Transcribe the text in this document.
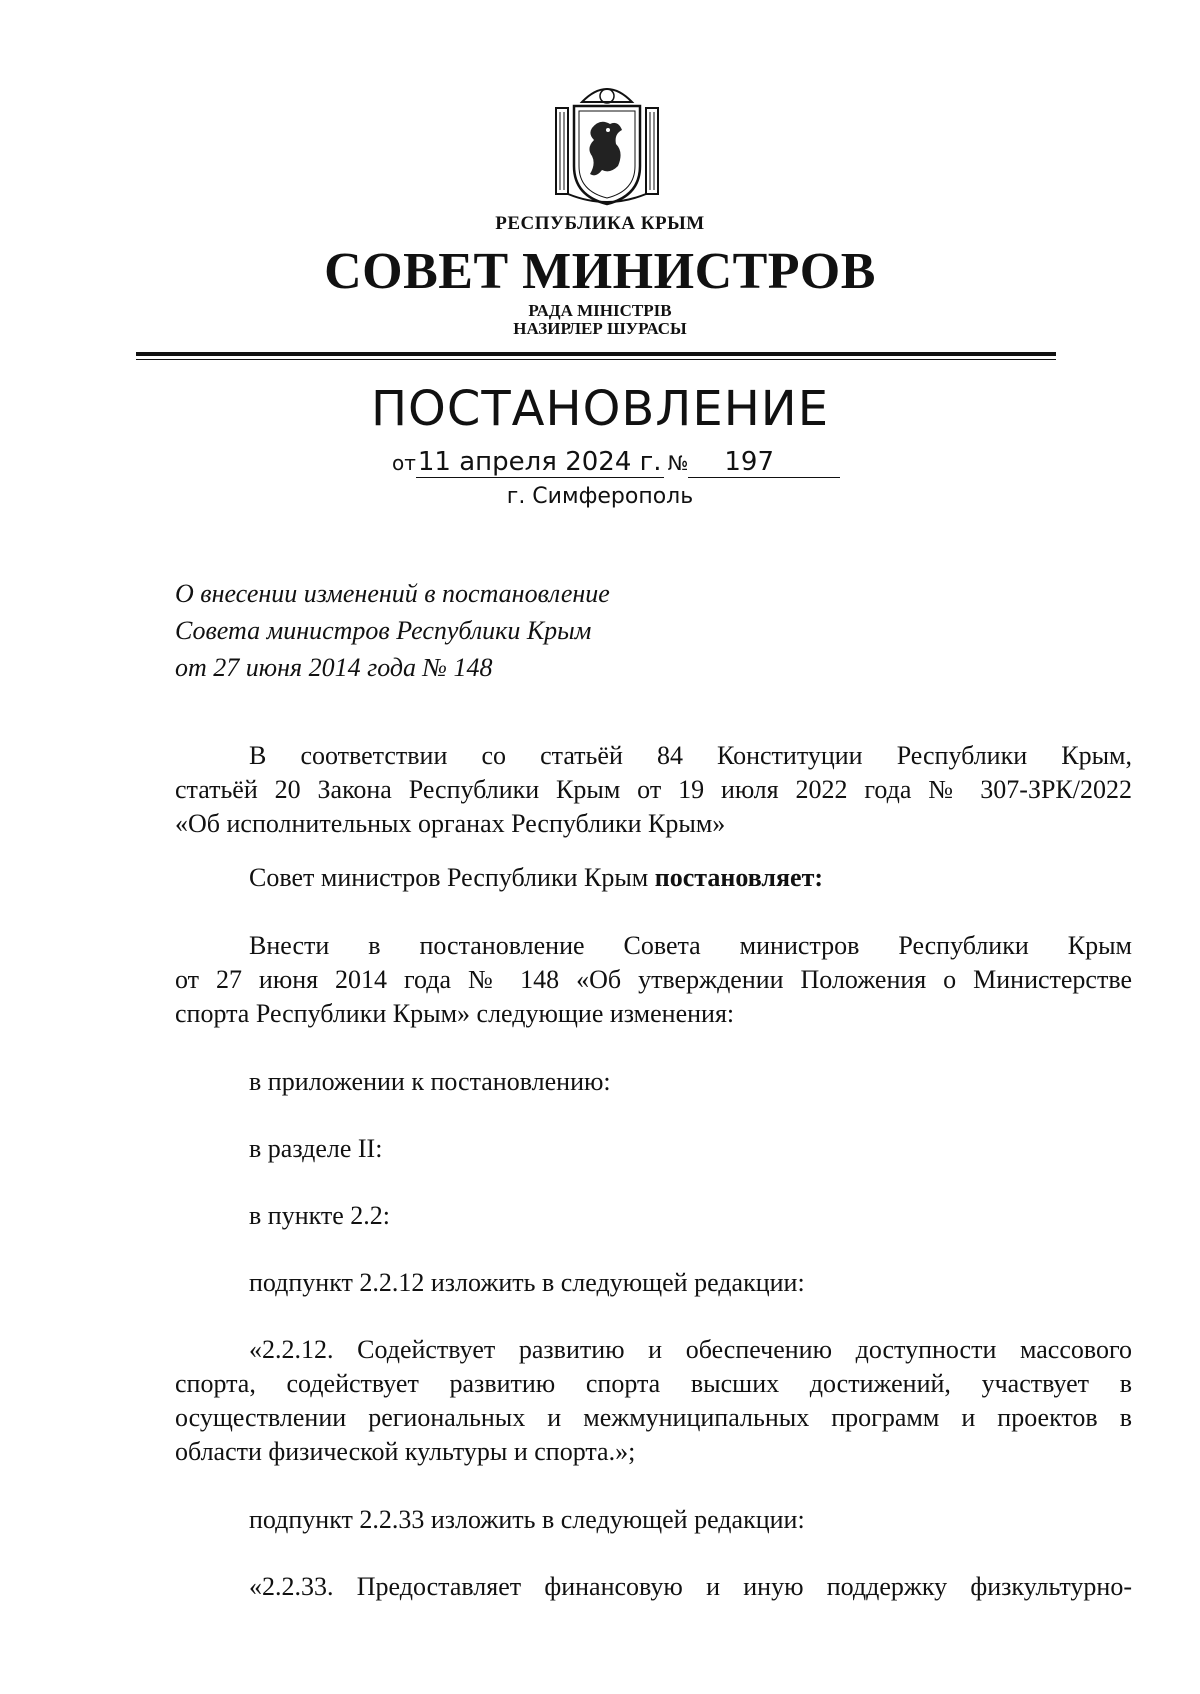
РЕСПУБЛИКА КРЫМ
СОВЕТ МИНИСТРОВ
РАДА МІНІСТРІВ
НАЗИРЛЕР ШУРАСЫ
ПОСТАНОВЛЕНИЕ
от11 апреля 2024 г. № 197
г. Симферополь
О внесении изменений в постановление
Совета министров Республики Крым
от 27 июня 2014 года № 148
В соответствии со статьёй 84 Конституции Республики Крым,
статьёй 20 Закона Республики Крым от 19 июля 2022 года № 307-ЗРК/2022
«Об исполнительных органах Республики Крым»
Совет министров Республики Крым постановляет:
Внести в постановление Совета министров Республики Крым
от 27 июня 2014 года № 148 «Об утверждении Положения о Министерстве
спорта Республики Крым» следующие изменения:
в приложении к постановлению:
в разделе II:
в пункте 2.2:
подпункт 2.2.12 изложить в следующей редакции:
«2.2.12. Содействует развитию и обеспечению доступности массового
спорта, содействует развитию спорта высших достижений, участвует в
осуществлении региональных и межмуниципальных программ и проектов в
области физической культуры и спорта.»;
подпункт 2.2.33 изложить в следующей редакции:
«2.2.33. Предоставляет финансовую и иную поддержку физкультурно-
